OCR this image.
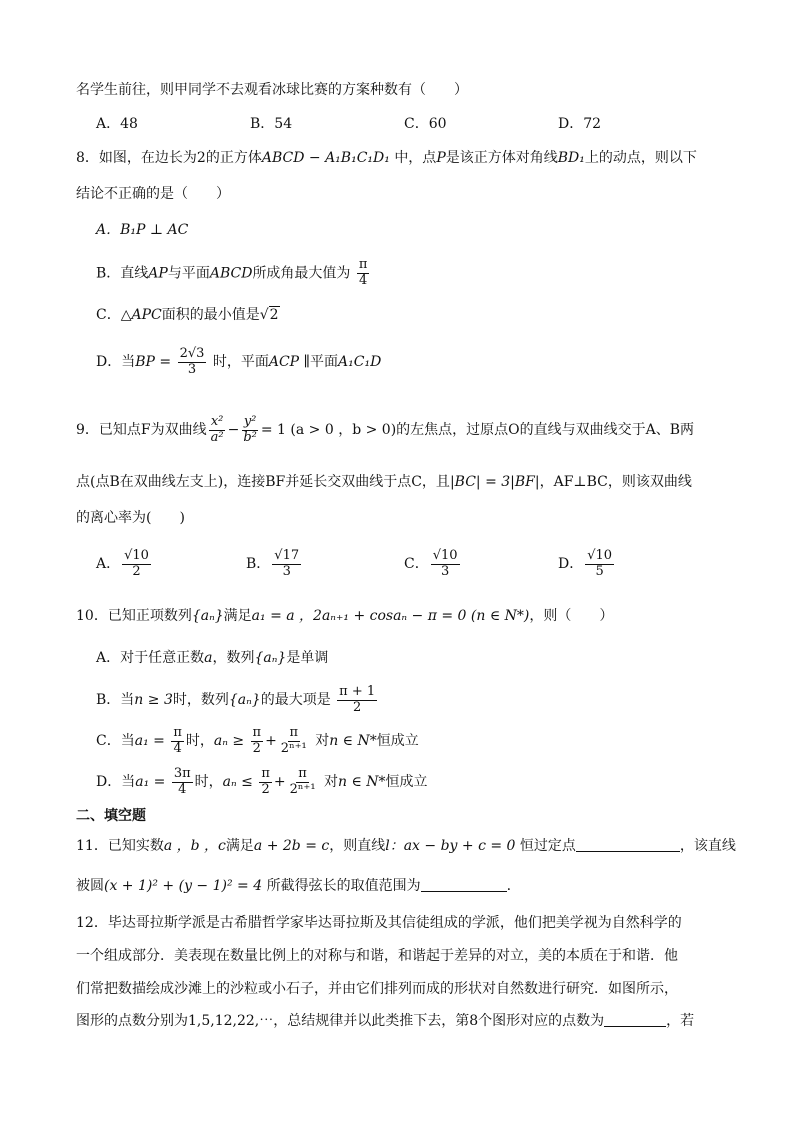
名学生前往，则甲同学不去观看冰球比赛的方案种数有（　　）
A．48	B．54	C．60	D．72
8．如图，在边长为2的正方体ABCD − A₁B₁C₁D₁ 中，点P是该正方体对角线BD₁上的动点，则以下
结论不正确的是（　　）
A．B₁P ⊥ AC
B．直线AP与平面ABCD所成角最大值为 $\frac{\pi}{4}$
C．△APC面积的最小值是√2
D．当BP = $\frac{2√3}{3}$ 时，平面ACP ∥平面A₁C₁D
9．已知点F为双曲线 $\frac{\text{x²}}{\text{a²}} - \frac{\text{y²}}{\text{b²}} = 1$ (a > 0 ，b > 0)的左焦点，过原点O的直线与双曲线交于A、B两
点(点B在双曲线左支上)，连接BF并延长交双曲线于点C，且|BC| = 3|BF|，AF⊥BC，则该双曲线
的离心率为(　　)
A． $\frac{√10}{2}$	B． $\frac{√17}{3}$	C． $\frac{√10}{3}$	D． $\frac{√10}{5}$
10．已知正项数列{aₙ}满足a₁ = a ，2aₙ₊₁ + cosaₙ − π = 0 (n ∈ N*)，则（　　）
A．对于任意正数a，数列{aₙ}是单调
B．当n ≥ 3时，数列{aₙ}的最大项是 $\frac{\pi + 1}{2}$
C．当$a_1 = \frac{\pi}{4}$ 时，$a_n \ge \frac{\pi}{2} + \frac{\pi}{\text{2ⁿ⁺¹}}$ 对n ∈ N*恒成立
D．当$a_1 = \frac{3\pi}{4}$ 时，$a_n \le \frac{\pi}{2} + \frac{\pi}{\text{2ⁿ⁺¹}}$ 对n ∈ N*恒成立
二、填空题
11．已知实数a ，b ，c满足a + 2b = c，则直线l：ax − by + c = 0 恒过定点	，该直线
被圆(x + 1)² + (y − 1)² = 4 所截得弦长的取值范围为	.
12．毕达哥拉斯学派是古希腊哲学家毕达哥拉斯及其信徒组成的学派，他们把美学视为自然科学的
一个组成部分．美表现在数量比例上的对称与和谐，和谐起于差异的对立，美的本质在于和谐．他
们常把数描绘成沙滩上的沙粒或小石子，并由它们排列而成的形状对自然数进行研究．如图所示，
图形的点数分别为1,5,12,22,⋯，总结规律并以此类推下去，第8个图形对应的点数为	，若
